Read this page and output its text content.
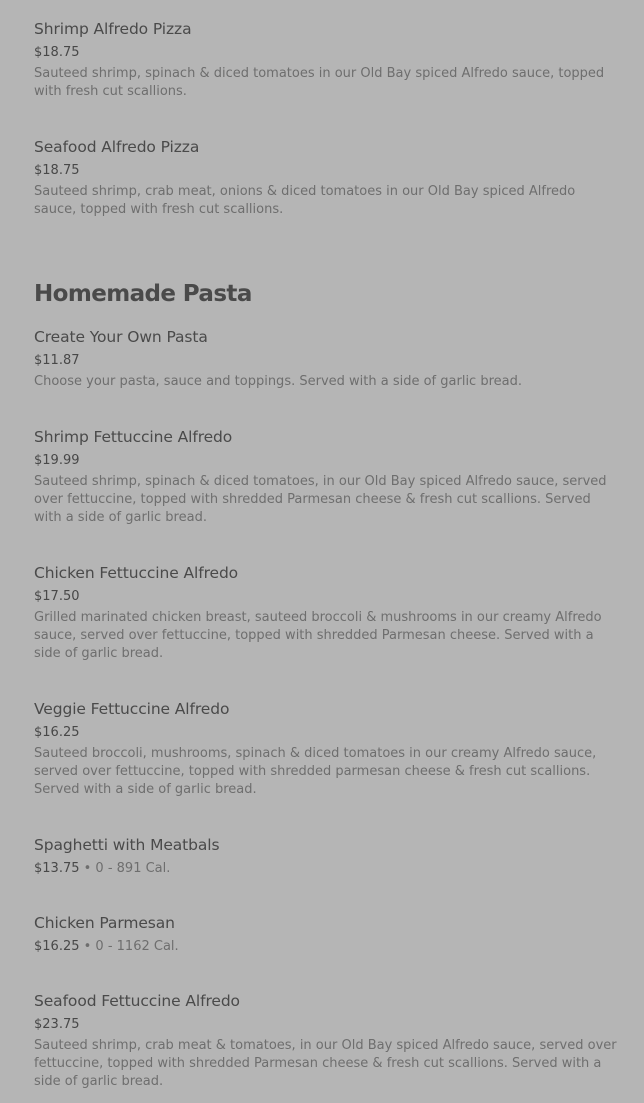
Shrimp Alfredo Pizza
$18.75
Sauteed shrimp, spinach & diced tomatoes in our Old Bay spiced Alfredo sauce, topped with fresh cut scallions.
Seafood Alfredo Pizza
$18.75
Sauteed shrimp, crab meat, onions & diced tomatoes in our Old Bay spiced Alfredo sauce, topped with fresh cut scallions.
Homemade Pasta
Create Your Own Pasta
$11.87
Choose your pasta, sauce and toppings. Served with a side of garlic bread.
Shrimp Fettuccine Alfredo
$19.99
Sauteed shrimp, spinach & diced tomatoes, in our Old Bay spiced Alfredo sauce, served over fettuccine, topped with shredded Parmesan cheese & fresh cut scallions. Served with a side of garlic bread.
Chicken Fettuccine Alfredo
$17.50
Grilled marinated chicken breast, sauteed broccoli & mushrooms in our creamy Alfredo sauce, served over fettuccine, topped with shredded Parmesan cheese. Served with a side of garlic bread.
Veggie Fettuccine Alfredo
$16.25
Sauteed broccoli, mushrooms, spinach & diced tomatoes in our creamy Alfredo sauce, served over fettuccine, topped with shredded parmesan cheese & fresh cut scallions. Served with a side of garlic bread.
Spaghetti with Meatbals
$13.75 • 0 - 891 Cal.
Chicken Parmesan
$16.25 • 0 - 1162 Cal.
Seafood Fettuccine Alfredo
$23.75
Sauteed shrimp, crab meat & tomatoes, in our Old Bay spiced Alfredo sauce, served over fettuccine, topped with shredded Parmesan cheese & fresh cut scallions. Served with a side of garlic bread.
